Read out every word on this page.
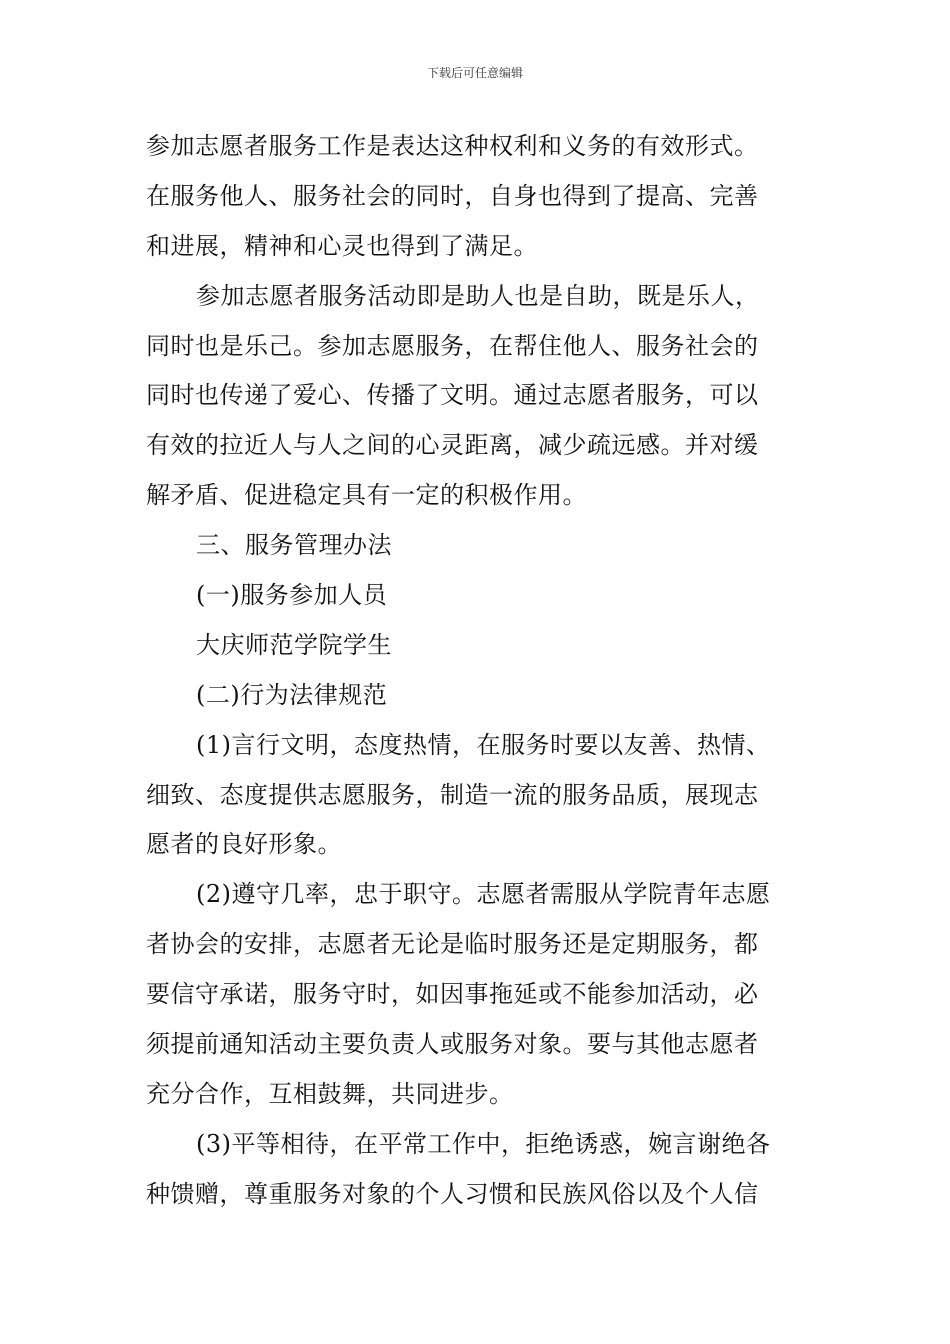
下载后可任意编辑
参加志愿者服务工作是表达这种权利和义务的有效形式。
在服务他人、服务社会的同时，自身也得到了提高、完善
和进展，精神和心灵也得到了满足。
参加志愿者服务活动即是助人也是自助，既是乐人，
同时也是乐己。参加志愿服务，在帮住他人、服务社会的
同时也传递了爱心、传播了文明。通过志愿者服务，可以
有效的拉近人与人之间的心灵距离，减少疏远感。并对缓
解矛盾、促进稳定具有一定的积极作用。
三、服务管理办法
(一)服务参加人员
大庆师范学院学生
(二)行为法律规范
(1)言行文明，态度热情，在服务时要以友善、热情、
细致、态度提供志愿服务，制造一流的服务品质，展现志
愿者的良好形象。
(2)遵守几率，忠于职守。志愿者需服从学院青年志愿
者协会的安排，志愿者无论是临时服务还是定期服务，都
要信守承诺，服务守时，如因事拖延或不能参加活动，必
须提前通知活动主要负责人或服务对象。要与其他志愿者
充分合作，互相鼓舞，共同进步。
(3)平等相待，在平常工作中，拒绝诱惑，婉言谢绝各
种馈赠，尊重服务对象的个人习惯和民族风俗以及个人信
